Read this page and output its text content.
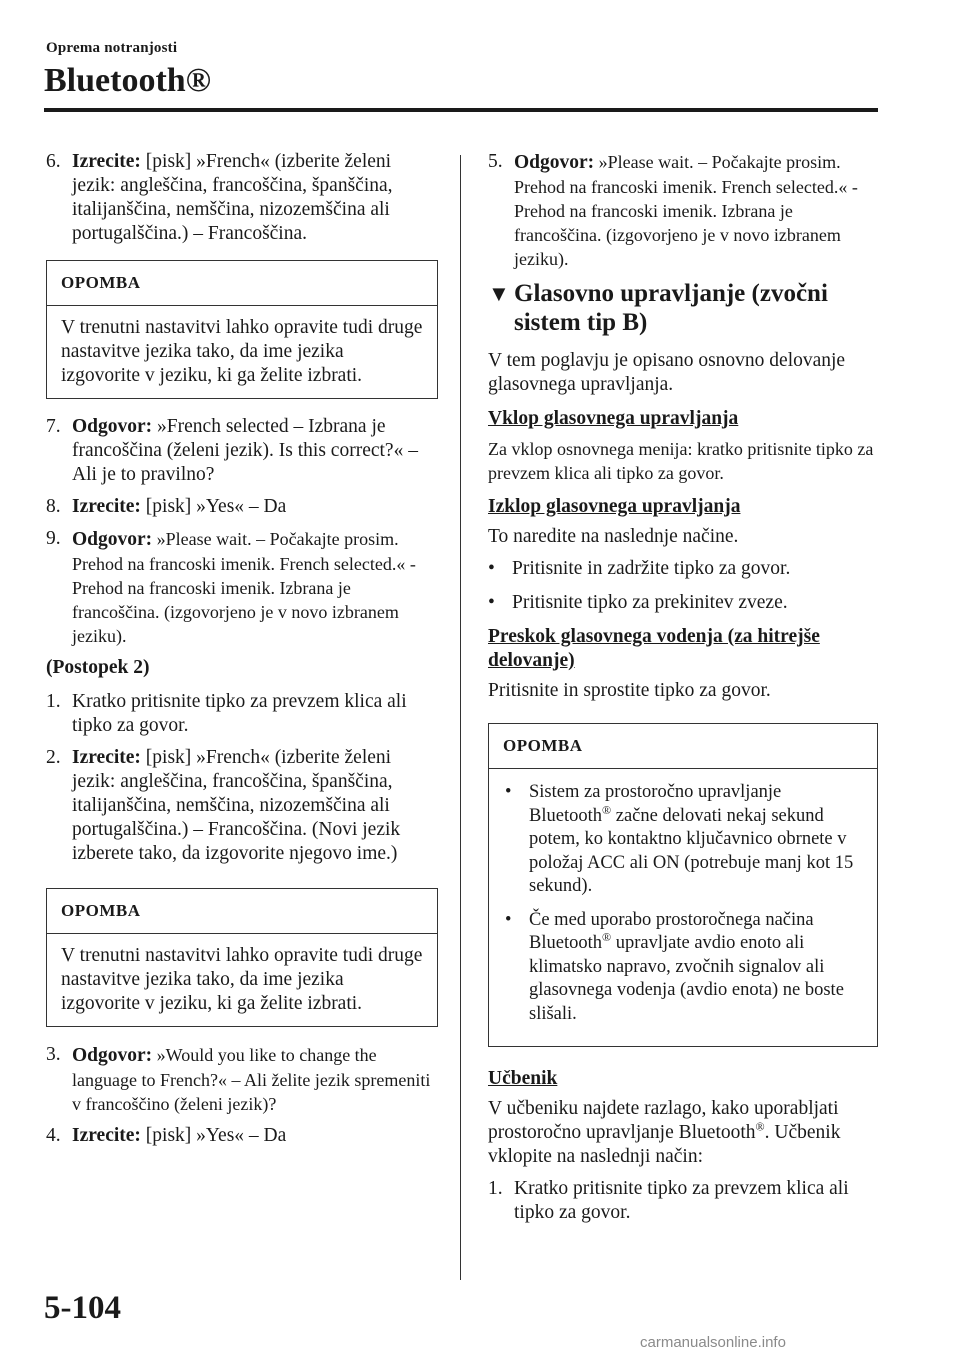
Oprema notranjosti
Bluetooth®
6. Izrecite: [pisk] »French« (izberite želeni jezik: angleščina, francoščina, španščina, italijanščina, nemščina, nizozemščina ali portugalščina.) – Francoščina.
OPOMBA
V trenutni nastavitvi lahko opravite tudi druge nastavitve jezika tako, da ime jezika izgovorite v jeziku, ki ga želite izbrati.
7. Odgovor: »French selected – Izbrana je francoščina (želeni jezik). Is this correct?« – Ali je to pravilno?
8. Izrecite: [pisk] »Yes« – Da
9. Odgovor: »Please wait. – Počakajte prosim. Prehod na francoski imenik. French selected.« - Prehod na francoski imenik. Izbrana je francoščina. (izgovorjeno je v novo izbranem jeziku).
(Postopek 2)
1. Kratko pritisnite tipko za prevzem klica ali tipko za govor.
2. Izrecite: [pisk] »French« (izberite želeni jezik: angleščina, francoščina, španščina, italijanščina, nemščina, nizozemščina ali portugalščina.) – Francoščina. (Novi jezik izberete tako, da izgovorite njegovo ime.)
OPOMBA
V trenutni nastavitvi lahko opravite tudi druge nastavitve jezika tako, da ime jezika izgovorite v jeziku, ki ga želite izbrati.
3. Odgovor: »Would you like to change the language to French?« – Ali želite jezik spremeniti v francoščino (želeni jezik)?
4. Izrecite: [pisk] »Yes« – Da
5. Odgovor: »Please wait. – Počakajte prosim. Prehod na francoski imenik. French selected.« - Prehod na francoski imenik. Izbrana je francoščina. (izgovorjeno je v novo izbranem jeziku).
▼ Glasovno upravljanje (zvočni sistem tip B)

V tem poglavju je opisano osnovno delovanje glasovnega upravljanja.

Vklop glasovnega upravljanja

Za vklop osnovnega menija: kratko pritisnite tipko za prevzem klica ali tipko za govor.

Izklop glasovnega upravljanja

To naredite na naslednje načine.

• Pritisnite in zadržite tipko za govor.
• Pritisnite tipko za prekinitev zveze.
Preskok glasovnega vodenja (za hitrejše delovanje)

Pritisnite in sprostite tipko za govor.

OPOMBA
• Sistem za prostoročno upravljanje Bluetooth® začne delovati nekaj sekund potem, ko kontaktno ključavnico obrnete v položaj ACC ali ON (potrebuje manj kot 15 sekund).
• Če med uporabo prostoročnega načina Bluetooth® upravljate avdio enoto ali klimatsko napravo, zvočnih signalov ali glasovnega vodenja (avdio enota) ne boste slišali.
Učbenik

V učbeniku najdete razlago, kako uporabljati prostoročno upravljanje Bluetooth®. Učbenik vklopite na naslednji način:

1. Kratko pritisnite tipko za prevzem klica ali tipko za govor.
5-104
carmanualsonline.info
